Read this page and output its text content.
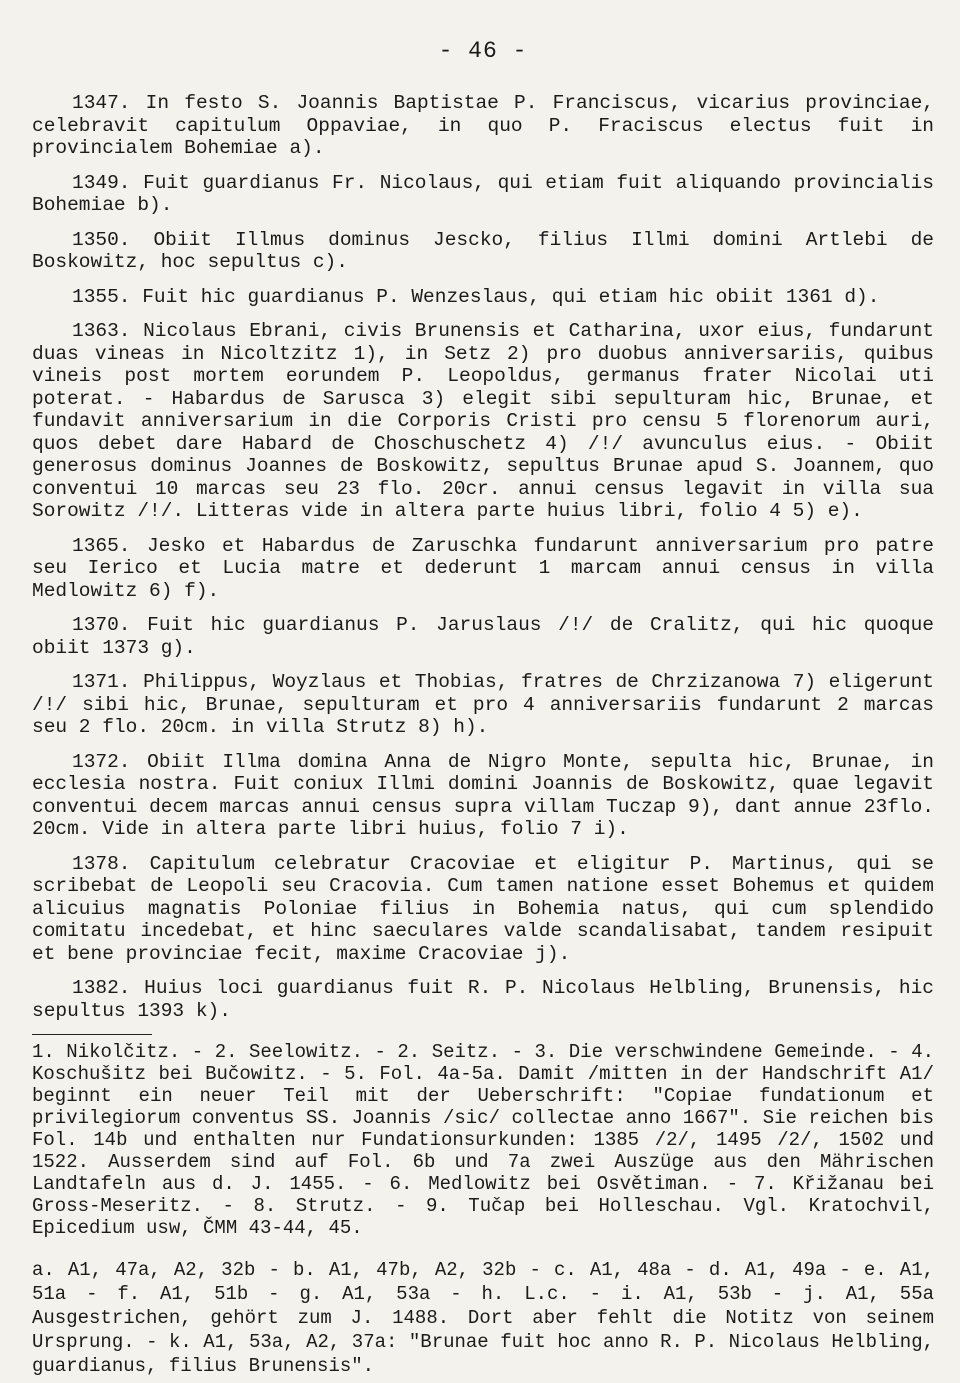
- 46 -

1347. In festo S. Joannis Baptistae P. Franciscus, vicarius provinciae, celebravit capitulum Oppaviae, in quo P. Fraciscus electus fuit in provincialem Bohemiae a).

1349. Fuit guardianus Fr. Nicolaus, qui etiam fuit aliquando provincialis Bohemiae b).

1350. Obiit Illmus dominus Jescko, filius Illmi domini Artlebi de Boskowitz, hoc sepultus c).

1355. Fuit hic guardianus P. Wenzeslaus, qui etiam hic obiit 1361 d).

1363. Nicolaus Ebrani, civis Brunensis et Catharina, uxor eius, fundarunt duas vineas in Nicoltzitz 1), in Setz 2) pro duobus anniversariis, quibus vineis post mortem eorundem P. Leopoldus, germanus frater Nicolai uti poterat. - Habardus de Sarusca 3) elegit sibi sepulturam hic, Brunae, et fundavit anniversarium in die Corporis Cristi pro censu 5 florenorum auri, quos debet dare Habard de Choschuschetz 4) /!/ avunculus eius. - Obiit generosus dominus Joannes de Boskowitz, sepultus Brunae apud S. Joannem, quo conventui 10 marcas seu 23 flo. 20cr. annui census legavit in villa sua Sorowitz /!/. Litteras vide in altera parte huius libri, folio 4 5) e).

1365. Jesko et Habardus de Zaruschka fundarunt anniversarium pro patre seu Ierico et Lucia matre et dederunt 1 marcam annui census in villa Medlowitz 6) f).

1370. Fuit hic guardianus P. Jaruslaus /!/ de Cralitz, qui hic quoque obiit 1373 g).

1371. Philippus, Woyzlaus et Thobias, fratres de Chrzizanowa 7) eligerunt /!/ sibi hic, Brunae, sepulturam et pro 4 anniversariis fundarunt 2 marcas seu 2 flo. 20cm. in villa Strutz 8) h).

1372. Obiit Illma domina Anna de Nigro Monte, sepulta hic, Brunae, in ecclesia nostra. Fuit coniux Illmi domini Joannis de Boskowitz, quae legavit conventui decem marcas annui census supra villam Tuczap 9), dant annue 23flo. 20cm. Vide in altera parte libri huius, folio 7 i).

1378. Capitulum celebratur Cracoviae et eligitur P. Martinus, qui se scribebat de Leopoli seu Cracovia. Cum tamen natione esset Bohemus et quidem alicuius magnatis Poloniae filius in Bohemia natus, qui cum splendido comitatu incedebat, et hinc saeculares valde scandalisabat, tandem resipuit et bene provinciae fecit, maxime Cracoviae j).

1382. Huius loci guardianus fuit R. P. Nicolaus Helbling, Brunensis, hic sepultus 1393 k).

1. Nikolčitz. - 2. Seelowitz. - 2. Seitz. - 3. Die verschwindene Gemeinde. - 4. Koschušitz bei Bučowitz. - 5. Fol. 4a-5a. Damit /mitten in der Handschrift A1/ beginnt ein neuer Teil mit der Ueberschrift: "Copiae fundationum et privilegiorum conventus SS. Joannis /sic/ collectae anno 1667". Sie reichen bis Fol. 14b und enthalten nur Fundationsurkunden: 1385 /2/, 1495 /2/, 1502 und 1522. Ausserdem sind auf Fol. 6b und 7a zwei Auszüge aus den Mährischen Landtafeln aus d. J. 1455. - 6. Medlowitz bei Osvětiman. - 7. Křižanau bei Gross-Meseritz. - 8. Strutz. - 9. Tučap bei Holleschau. Vgl. Kratochvil, Epicedium usw, ČMM 43-44, 45.

a. A1, 47a, A2, 32b - b. A1, 47b, A2, 32b - c. A1, 48a - d. A1, 49a - e. A1, 51a - f. A1, 51b - g. A1, 53a - h. L.c. - i. A1, 53b - j. A1, 55a Ausgestrichen, gehört zum J. 1488. Dort aber fehlt die Notitz von seinem Ursprung. - k. A1, 53a, A2, 37a: "Brunae fuit hoc anno R. P. Nicolaus Helbling, guardianus, filius Brunensis".
